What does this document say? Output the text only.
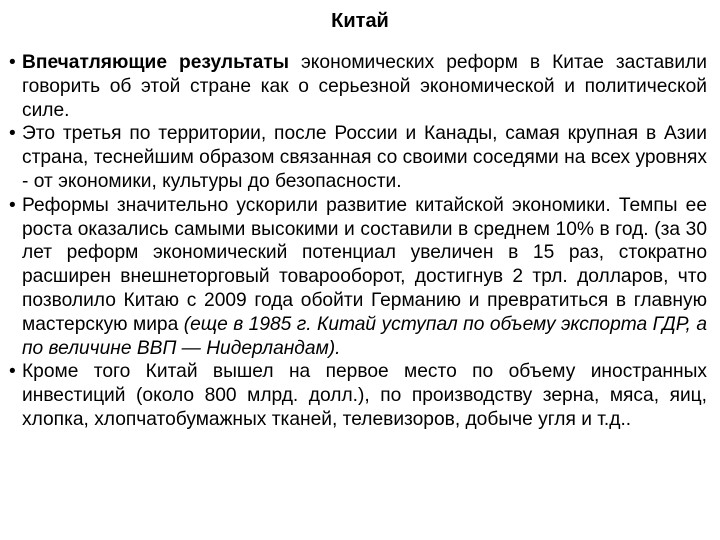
Китай
• Впечатляющие результаты экономических реформ в Китае заставили говорить об этой стране как о серьезной экономической и политической силе.
• Это третья по территории, после России и Канады, самая крупная в Азии страна, теснейшим образом связанная со своими соседями на всех уровнях - от экономики, культуры до безопасности.
• Реформы значительно ускорили развитие китайской экономики. Темпы ее роста оказались самыми высокими и составили в среднем 10% в год. (за 30 лет реформ экономический потенциал увеличен в 15 раз, стократно расширен внешнеторговый товарооборот, достигнув 2 трл. долларов, что позволило Китаю с 2009 года обойти Германию и превратиться в главную мастерскую мира (еще в 1985 г. Китай уступал по объему экспорта ГДР, а по величине ВВП — Нидерландам).
• Кроме того Китай вышел на первое место по объему иностранных инвестиций (около 800 млрд. долл.), по производству зерна, мяса, яиц, хлопка, хлопчатобумажных тканей, телевизоров, добыче угля и т.д..
